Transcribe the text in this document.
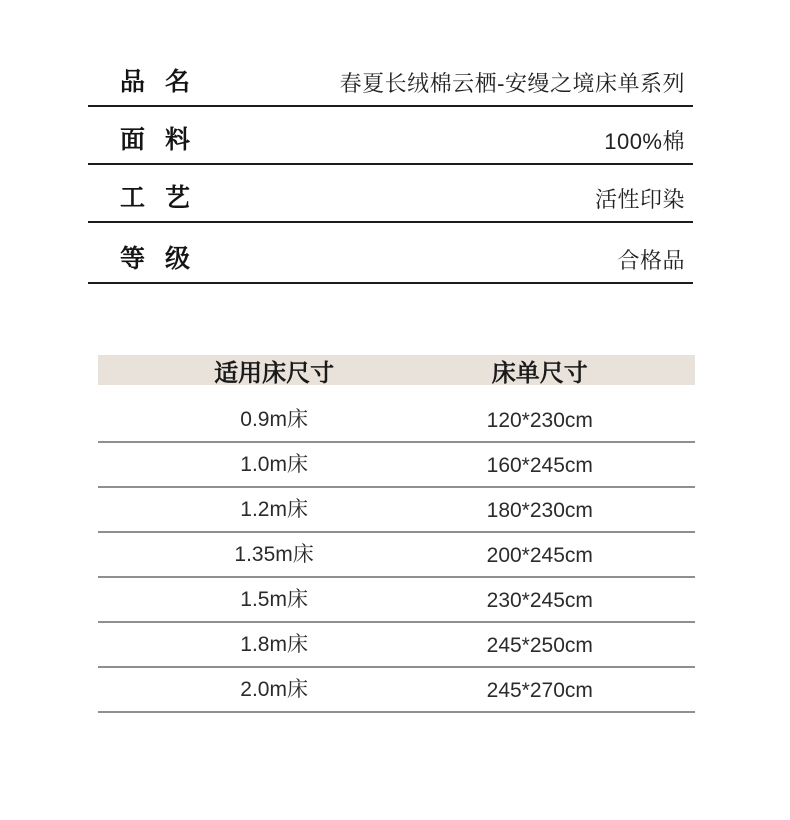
品 名	春夏长绒棉云栖-安缦之境床单系列
面 料	100%棉
工 艺	活性印染
等 级	合格品
适用床尺寸	床单尺寸
0.9m床	120*230cm
1.0m床	160*245cm
1.2m床	180*230cm
1.35m床	200*245cm
1.5m床	230*245cm
1.8m床	245*250cm
2.0m床	245*270cm
